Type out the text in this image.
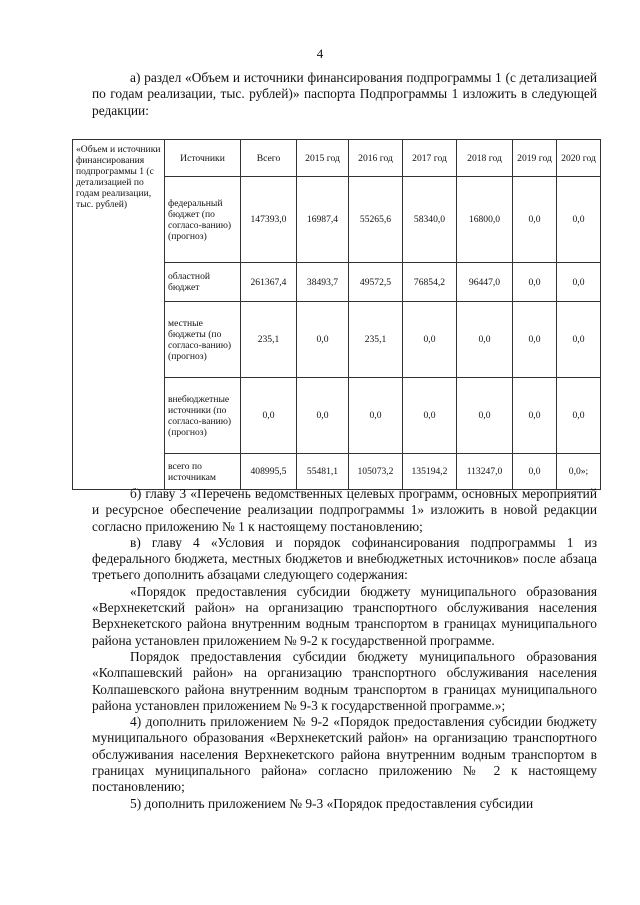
4
а) раздел «Объем и источники финансирования подпрограммы 1 (с детализацией по годам реализации, тыс. рублей)» паспорта Подпрограммы 1 изложить в следующей редакции:
«Объем и источники финансирования подпрограммы 1 (с детализацией по годам реализации, тыс. рублей)	Источники	Всего	2015 год	2016 год	2017 год	2018 год	2019 год	2020 год
	федеральный бюджет (по согласо-ванию) (прогноз)	147393,0	16987,4	55265,6	58340,0	16800,0	0,0	0,0
	областной бюджет	261367,4	38493,7	49572,5	76854,2	96447,0	0,0	0,0
	местные бюджеты (по согласо-ванию) (прогноз)	235,1	0,0	235,1	0,0	0,0	0,0	0,0
	внебюджетные источники (по согласо-ванию) (прогноз)	0,0	0,0	0,0	0,0	0,0	0,0	0,0
	всего по источникам	408995,5	55481,1	105073,2	135194,2	113247,0	0,0	0,0»;

б) главу 3 «Перечень ведомственных целевых программ, основных мероприятий и ресурсное обеспечение реализации подпрограммы 1» изложить в новой редакции согласно приложению № 1 к настоящему постановлению;

в) главу 4 «Условия и порядок софинансирования подпрограммы 1 из федерального бюджета, местных бюджетов и внебюджетных источников» после абзаца третьего дополнить абзацами следующего содержания:

«Порядок предоставления субсидии бюджету муниципального образования «Верхнекетский район» на организацию транспортного обслуживания населения Верхнекетского района внутренним водным транспортом в границах муниципального района установлен приложением № 9-2 к государственной программе.

Порядок предоставления субсидии бюджету муниципального образования «Колпашевский район» на организацию транспортного обслуживания населения Колпашевского района внутренним водным транспортом в границах муниципального района установлен приложением № 9-3 к государственной программе.»;

4) дополнить приложением № 9-2 «Порядок предоставления субсидии бюджету муниципального образования «Верхнекетский район» на организацию транспортного обслуживания населения Верхнекетского района внутренним водным транспортом в границах муниципального района» согласно приложению № 2 к настоящему постановлению;

5) дополнить приложением № 9-3 «Порядок предоставления субсидии
